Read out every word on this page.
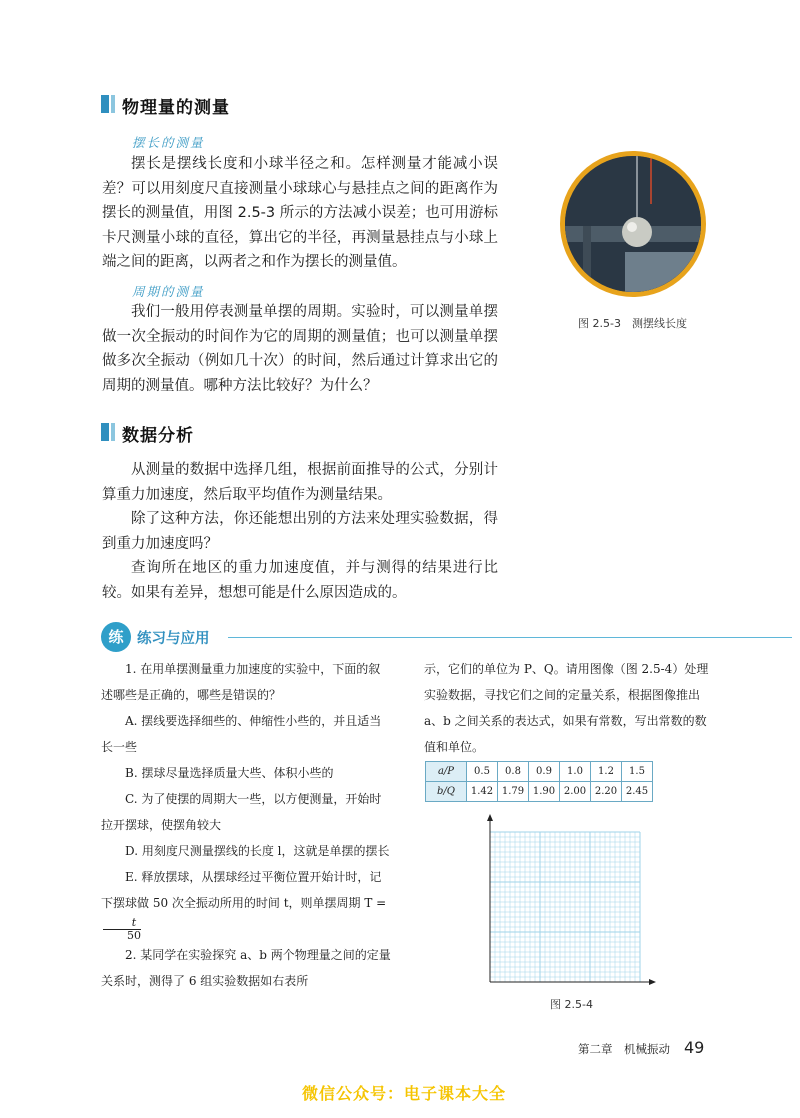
物理量的测量
摆长的测量

摆长是摆线长度和小球半径之和。怎样测量才能减小误差？可以用刻度尺直接测量小球球心与悬挂点之间的距离作为摆长的测量值，用图 2.5-3 所示的方法减小误差；也可用游标卡尺测量小球的直径，算出它的半径，再测量悬挂点与小球上端之间的距离，以两者之和作为摆长的测量值。

周期的测量

我们一般用停表测量单摆的周期。实验时，可以测量单摆做一次全振动的时间作为它的周期的测量值；也可以测量单摆做多次全振动（例如几十次）的时间，然后通过计算求出它的周期的测量值。哪种方法比较好？为什么？

图 2.5-3　测摆线长度
数据分析

从测量的数据中选择几组，根据前面推导的公式，分别计算重力加速度，然后取平均值作为测量结果。

除了这种方法，你还能想出别的方法来处理实验数据，得到重力加速度吗？

查询所在地区的重力加速度值，并与测得的结果进行比较。如果有差异，想想可能是什么原因造成的。

练 练习与应用

1. 在用单摆测量重力加速度的实验中，下面的叙述哪些是正确的，哪些是错误的？

A. 摆线要选择细些的、伸缩性小些的，并且适当长一些

B. 摆球尽量选择质量大些、体积小些的

C. 为了使摆的周期大一些，以方便测量，开始时拉开摆球，使摆角较大

D. 用刻度尺测量摆线的长度 l，这就是单摆的摆长

E. 释放摆球，从摆球经过平衡位置开始计时，记下摆球做 50 次全振动所用的时间 t，则单摆周期 T =
$\frac{t}{50}$

2. 某同学在实验探究 a、b 两个物理量之间的定量关系时，测得了 6 组实验数据如右表所

示，它们的单位为 P、Q。请用图像（图 2.5-4）处理实验数据，寻找它们之间的定量关系，根据图像推出 a、b 之间关系的表达式，如果有常数，写出常数的数值和单位。

a/P	0.5	0.8	0.9	1.0	1.2	1.5
b/Q	1.42	1.79	1.90	2.00	2.20	2.45
图 2.5-4
第二章　机械振动 49
微信公众号：电子课本大全
